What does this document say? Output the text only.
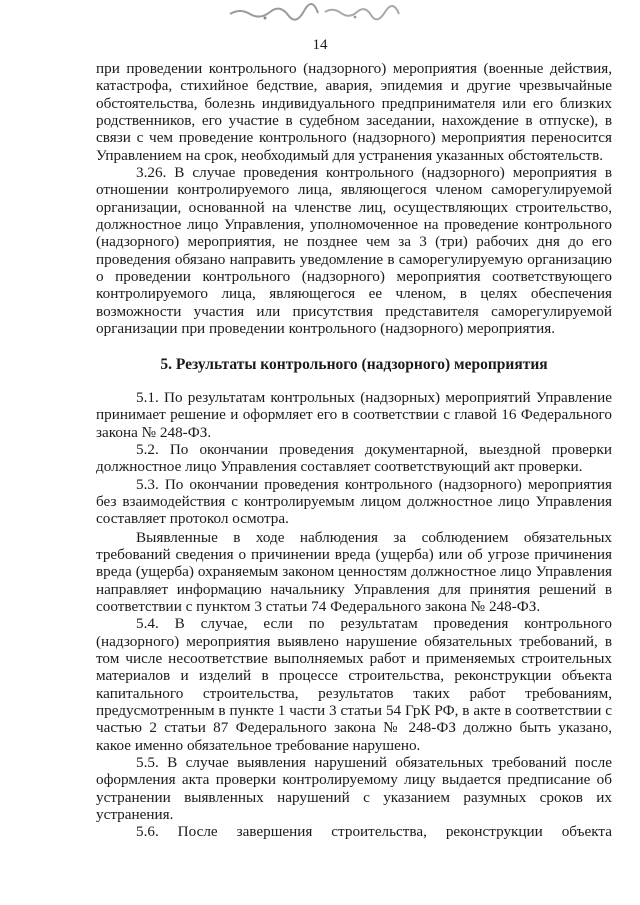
14

при проведении контрольного (надзорного) мероприятия (военные действия, катастрофа, стихийное бедствие, авария, эпидемия и другие чрезвычайные обстоятельства, болезнь индивидуального предпринимателя или его близких родственников, его участие в судебном заседании, нахождение в отпуске), в связи с чем проведение контрольного (надзорного) мероприятия переносится Управлением на срок, необходимый для устранения указанных обстоятельств.

3.26. В случае проведения контрольного (надзорного) мероприятия в отношении контролируемого лица, являющегося членом саморегулируемой организации, основанной на членстве лиц, осуществляющих строительство, должностное лицо Управления, уполномоченное на проведение контрольного (надзорного) мероприятия, не позднее чем за 3 (три) рабочих дня до его проведения обязано направить уведомление в саморегулируемую организацию о проведении контрольного (надзорного) мероприятия соответствующего контролируемого лица, являющегося ее членом, в целях обеспечения возможности участия или присутствия представителя саморегулируемой организации при проведении контрольного (надзорного) мероприятия.

5. Результаты контрольного (надзорного) мероприятия

5.1. По результатам контрольных (надзорных) мероприятий Управление принимает решение и оформляет его в соответствии с главой 16 Федерального закона № 248-ФЗ.

5.2. По окончании проведения документарной, выездной проверки должностное лицо Управления составляет соответствующий акт проверки.

5.3. По окончании проведения контрольного (надзорного) мероприятия без взаимодействия с контролируемым лицом должностное лицо Управления составляет протокол осмотра.

Выявленные в ходе наблюдения за соблюдением обязательных требований сведения о причинении вреда (ущерба) или об угрозе причинения вреда (ущерба) охраняемым законом ценностям должностное лицо Управления направляет информацию начальнику Управления для принятия решений в соответствии с пунктом 3 статьи 74 Федерального закона № 248-ФЗ.

5.4. В случае, если по результатам проведения контрольного (надзорного) мероприятия выявлено нарушение обязательных требований, в том числе несоответствие выполняемых работ и применяемых строительных материалов и изделий в процессе строительства, реконструкции объекта капитального строительства, результатов таких работ требованиям, предусмотренным в пункте 1 части 3 статьи 54 ГрК РФ, в акте в соответствии с частью 2 статьи 87 Федерального закона № 248-ФЗ должно быть указано, какое именно обязательное требование нарушено.

5.5. В случае выявления нарушений обязательных требований после оформления акта проверки контролируемому лицу выдается предписание об устранении выявленных нарушений с указанием разумных сроков их устранения.

5.6. После завершения строительства, реконструкции объекта
